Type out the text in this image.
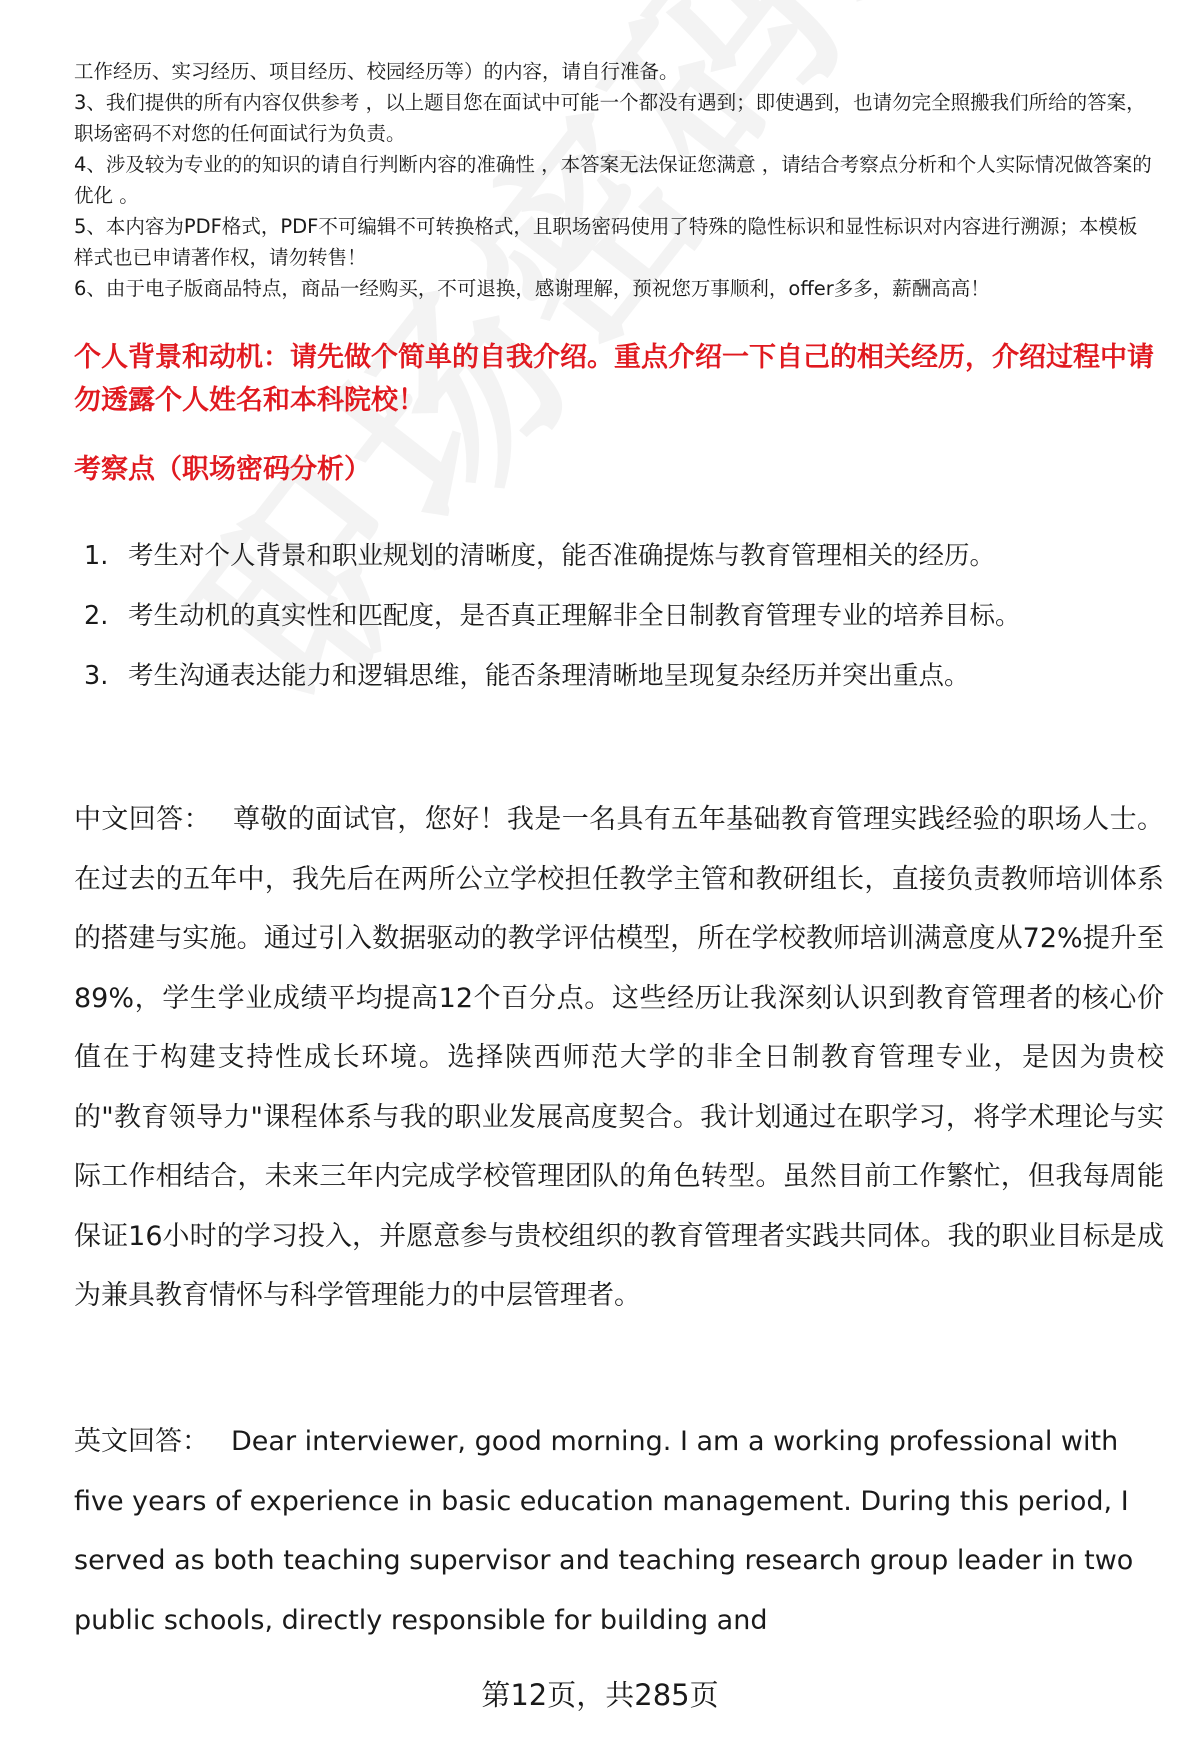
工作经历、实习经历、项目经历、校园经历等）的内容，请自行准备。
3、我们提供的所有内容仅供参考 ，以上题目您在面试中可能一个都没有遇到；即使遇到，也请勿完全照搬我们所给的答案，职场密码不对您的任何面试行为负责。
4、涉及较为专业的的知识的请自行判断内容的准确性 ，本答案无法保证您满意 ，请结合考察点分析和个人实际情况做答案的优化 。
5、本内容为PDF格式，PDF不可编辑不可转换格式，且职场密码使用了特殊的隐性标识和显性标识对内容进行溯源；本模板样式也已申请著作权，请勿转售！
6、由于电子版商品特点，商品一经购买，不可退换，感谢理解，预祝您万事顺利，offer多多，薪酬高高！

个人背景和动机：请先做个简单的自我介绍。重点介绍一下自己的相关经历，介绍过程中请勿透露个人姓名和本科院校！

考察点（职场密码分析）

1. 考生对个人背景和职业规划的清晰度，能否准确提炼与教育管理相关的经历。
2. 考生动机的真实性和匹配度，是否真正理解非全日制教育管理专业的培养目标。
3. 考生沟通表达能力和逻辑思维，能否条理清晰地呈现复杂经历并突出重点。

中文回答： 尊敬的面试官，您好！我是一名具有五年基础教育管理实践经验的职场人士。在过去的五年中，我先后在两所公立学校担任教学主管和教研组长，直接负责教师培训体系的搭建与实施。通过引入数据驱动的教学评估模型，所在学校教师培训满意度从72%提升至89%，学生学业成绩平均提高12个百分点。这些经历让我深刻认识到教育管理者的核心价值在于构建支持性成长环境。选择陕西师范大学的非全日制教育管理专业，是因为贵校的"教育领导力"课程体系与我的职业发展高度契合。我计划通过在职学习，将学术理论与实际工作相结合，未来三年内完成学校管理团队的角色转型。虽然目前工作繁忙，但我每周能保证16小时的学习投入，并愿意参与贵校组织的教育管理者实践共同体。我的职业目标是成为兼具教育情怀与科学管理能力的中层管理者。

英文回答： Dear interviewer, good morning. I am a working professional with five years of experience in basic education management. During this period, I served as both teaching supervisor and teaching research group leader in two public schools, directly responsible for building and

第12页，共285页
